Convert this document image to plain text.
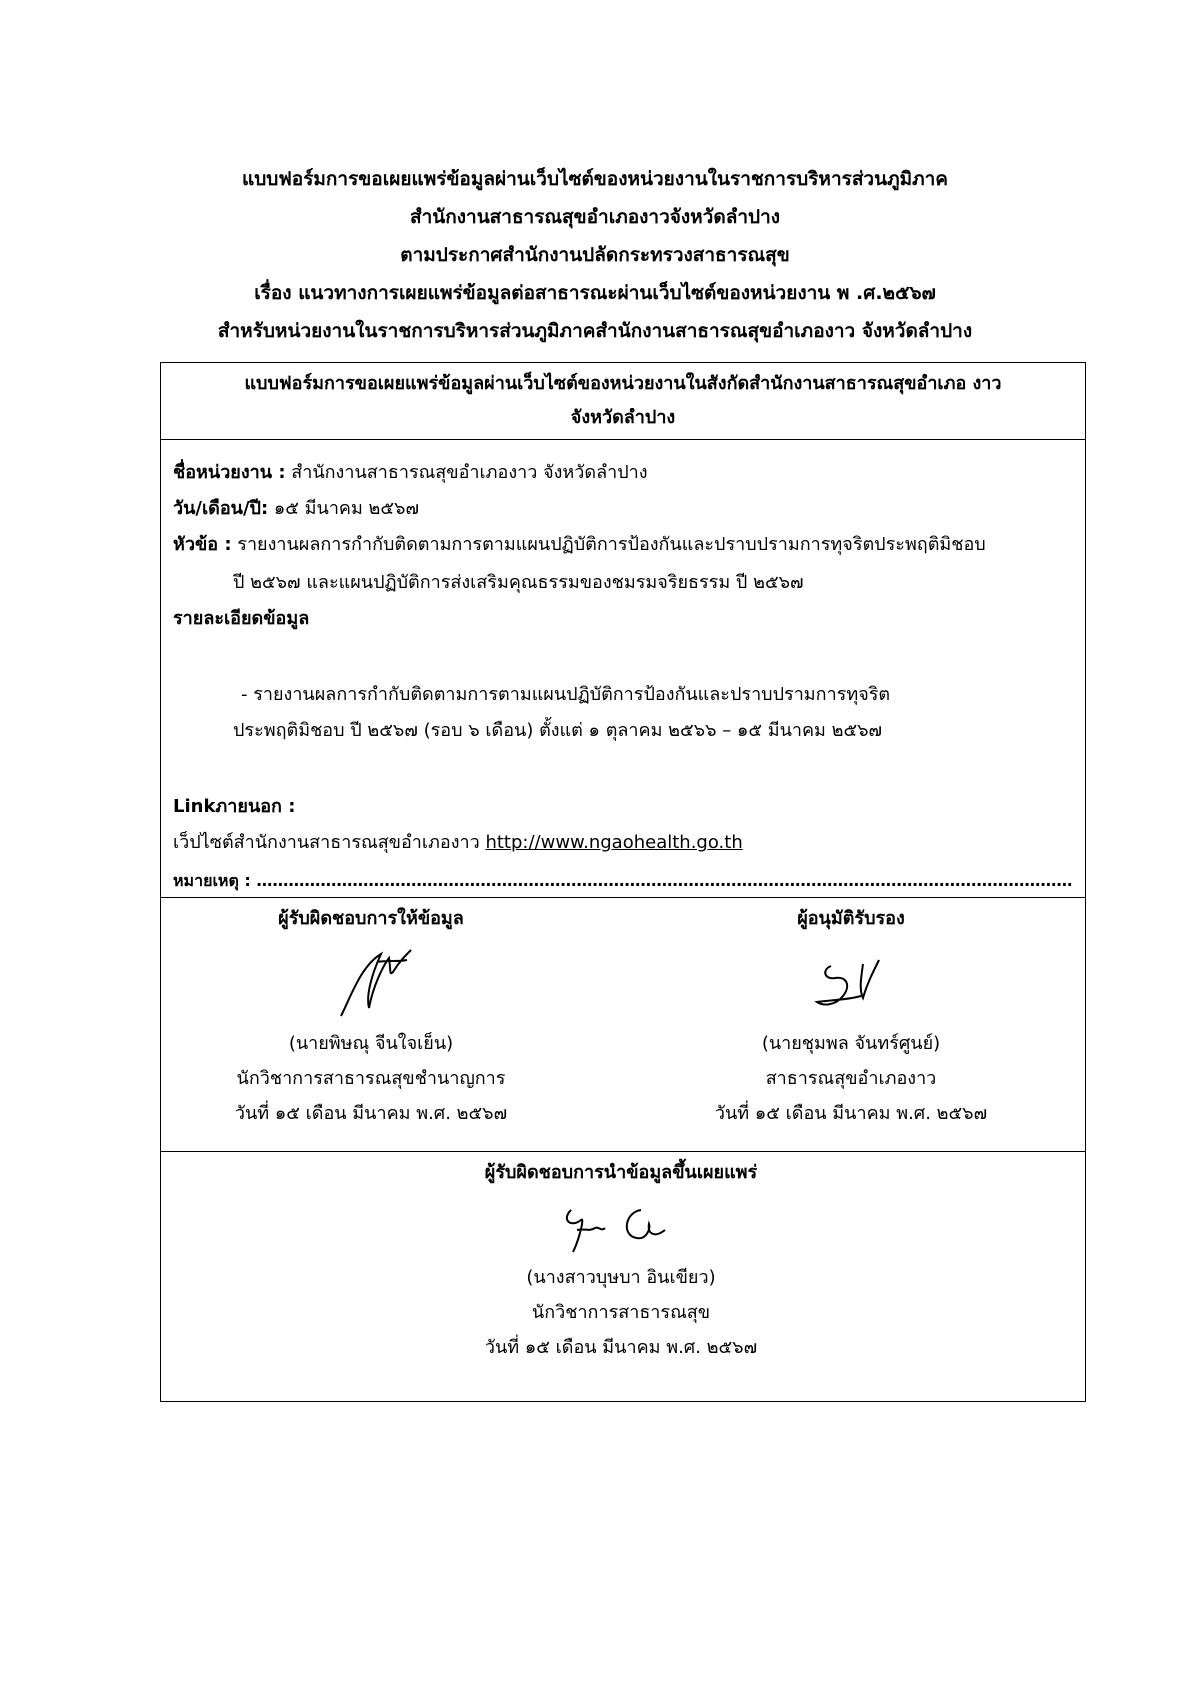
แบบฟอร์มการขอเผยแพร่ข้อมูลผ่านเว็บไซต์ของหน่วยงานในราชการบริหารส่วนภูมิภาค
สำนักงานสาธารณสุขอำเภองาวจังหวัดลำปาง
ตามประกาศสำนักงานปลัดกระทรวงสาธารณสุข
เรื่อง แนวทางการเผยแพร่ข้อมูลต่อสาธารณะผ่านเว็บไซต์ของหน่วยงาน พ .ศ.๒๕๖๗
สำหรับหน่วยงานในราชการบริหารส่วนภูมิภาคสำนักงานสาธารณสุขอำเภองาว จังหวัดลำปาง
แบบฟอร์มการขอเผยแพร่ข้อมูลผ่านเว็บไซต์ของหน่วยงานในสังกัดสำนักงานสาธารณสุขอำเภอ งาว
จังหวัดลำปาง
ชื่อหน่วยงาน : สำนักงานสาธารณสุขอำเภองาว จังหวัดลำปาง
วัน/เดือน/ปี: ๑๕ มีนาคม ๒๕๖๗
หัวข้อ : รายงานผลการกำกับติดตามการตามแผนปฏิบัติการป้องกันและปราบปรามการทุจริตประพฤติมิชอบ
ปี ๒๕๖๗ และแผนปฏิบัติการส่งเสริมคุณธรรมของชมรมจริยธรรม ปี ๒๕๖๗
รายละเอียดข้อมูล
- รายงานผลการกำกับติดตามการตามแผนปฏิบัติการป้องกันและปราบปรามการทุจริต
ประพฤติมิชอบ ปี ๒๕๖๗ (รอบ ๖ เดือน) ตั้งแต่ ๑ ตุลาคม ๒๕๖๖ – ๑๕ มีนาคม ๒๕๖๗
Linkภายนอก :
เว็ปไซต์สำนักงานสาธารณสุขอำเภองาว http://www.ngaohealth.go.th
หมายเหตุ : ………………………………………………………………………………………………………………………………………
ผู้รับผิดชอบการให้ข้อมูล
(นายพิษณุ จีนใจเย็น)
นักวิชาการสาธารณสุขชำนาญการ
วันที่ ๑๕ เดือน มีนาคม พ.ศ. ๒๕๖๗
ผู้อนุมัติรับรอง
(นายชุมพล จันทร์ศูนย์)
สาธารณสุขอำเภองาว
วันที่ ๑๕ เดือน มีนาคม พ.ศ. ๒๕๖๗
ผู้รับผิดชอบการนำข้อมูลขึ้นเผยแพร่
(นางสาวบุษบา อินเขียว)
นักวิชาการสาธารณสุข
วันที่ ๑๕ เดือน มีนาคม พ.ศ. ๒๕๖๗
